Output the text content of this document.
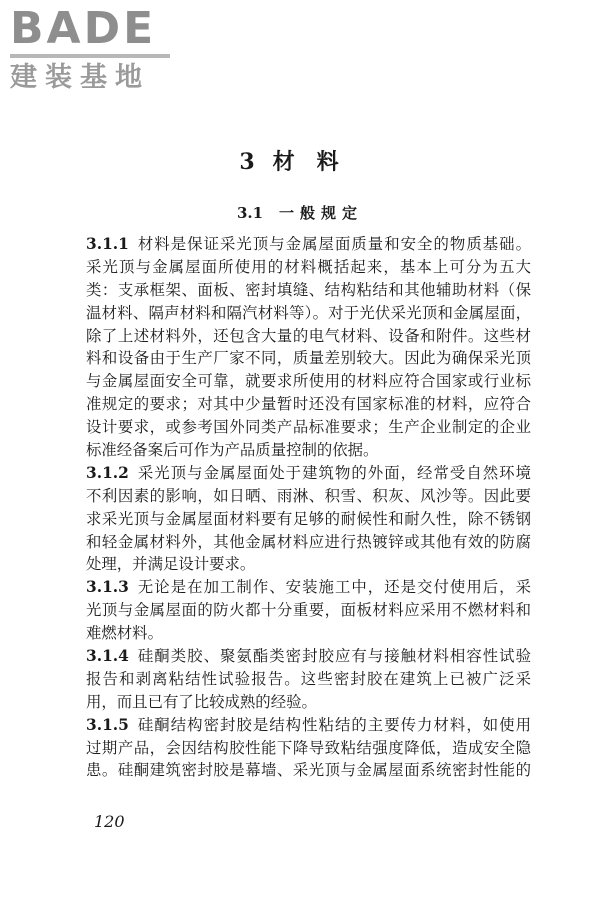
BADE
建装基地
3 材料
3.1 一般规定
3.1.1 材料是保证采光顶与金属屋面质量和安全的物质基础。
采光顶与金属屋面所使用的材料概括起来，基本上可分为五大
类：支承框架、面板、密封填缝、结构粘结和其他辅助材料（保
温材料、隔声材料和隔汽材料等）。对于光伏采光顶和金属屋面，
除了上述材料外，还包含大量的电气材料、设备和附件。这些材
料和设备由于生产厂家不同，质量差别较大。因此为确保采光顶
与金属屋面安全可靠，就要求所使用的材料应符合国家或行业标
准规定的要求；对其中少量暂时还没有国家标准的材料，应符合
设计要求，或参考国外同类产品标准要求；生产企业制定的企业
标准经备案后可作为产品质量控制的依据。
3.1.2 采光顶与金属屋面处于建筑物的外面，经常受自然环境
不利因素的影响，如日晒、雨淋、积雪、积灰、风沙等。因此要
求采光顶与金属屋面材料要有足够的耐候性和耐久性，除不锈钢
和轻金属材料外，其他金属材料应进行热镀锌或其他有效的防腐
处理，并满足设计要求。
3.1.3 无论是在加工制作、安装施工中，还是交付使用后，采
光顶与金属屋面的防火都十分重要，面板材料应采用不燃材料和
难燃材料。
3.1.4 硅酮类胶、聚氨酯类密封胶应有与接触材料相容性试验
报告和剥离粘结性试验报告。这些密封胶在建筑上已被广泛采
用，而且已有了比较成熟的经验。
3.1.5 硅酮结构密封胶是结构性粘结的主要传力材料，如使用
过期产品，会因结构胶性能下降导致粘结强度降低，造成安全隐
患。硅酮建筑密封胶是幕墙、采光顶与金属屋面系统密封性能的
120
